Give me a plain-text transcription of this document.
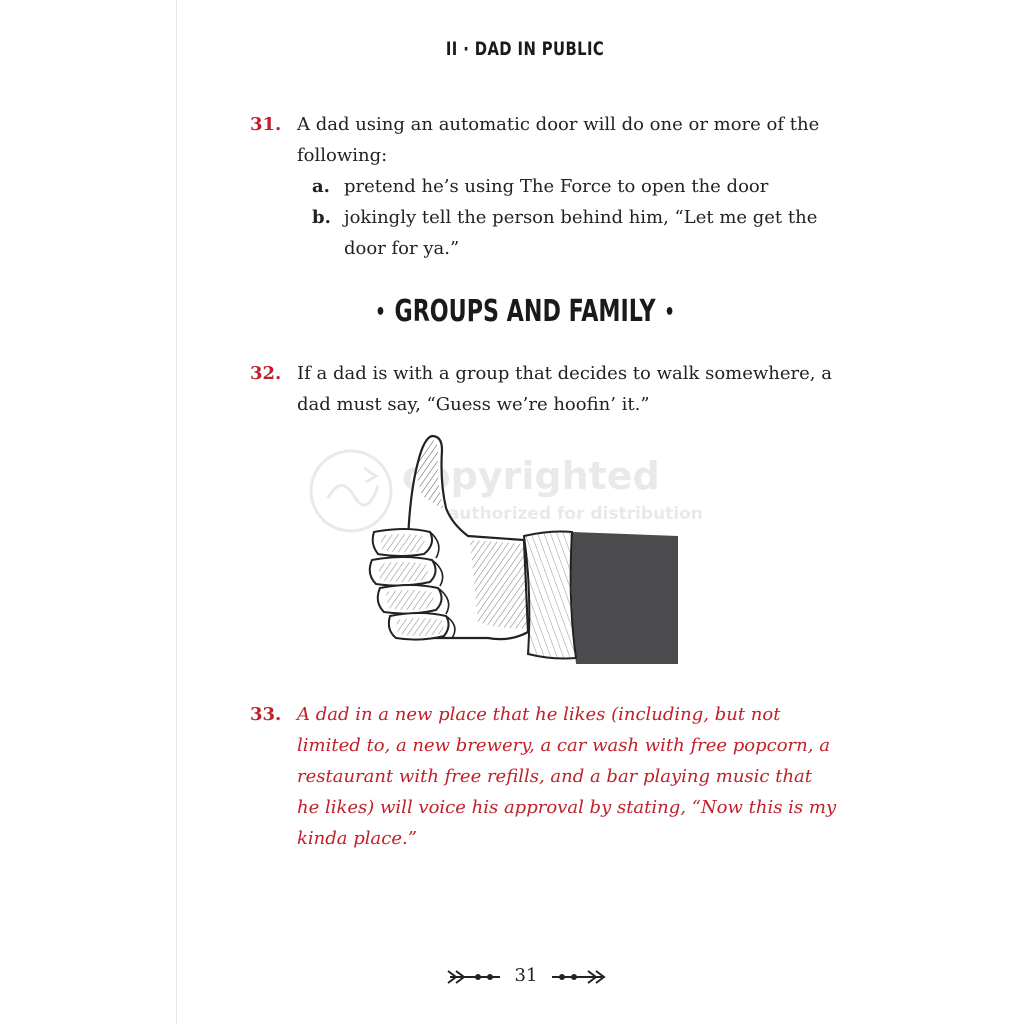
II · DAD IN PUBLIC
31. A dad using an automatic door will do one or more of the
following:
a. pretend he’s using The Force to open the door
b. jokingly tell the person behind him, “Let me get the
door for ya.”
• GROUPS AND FAMILY •
32. If a dad is with a group that decides to walk somewhere, a
dad must say, “Guess we’re hoofin’ it.”
copyrighted
not authorized for distribution
33. A dad in a new place that he likes (including, but not
limited to, a new brewery, a car wash with free popcorn, a
restaurant with free refills, and a bar playing music that
he likes) will voice his approval by stating, “Now this is my
kinda place.”
31
